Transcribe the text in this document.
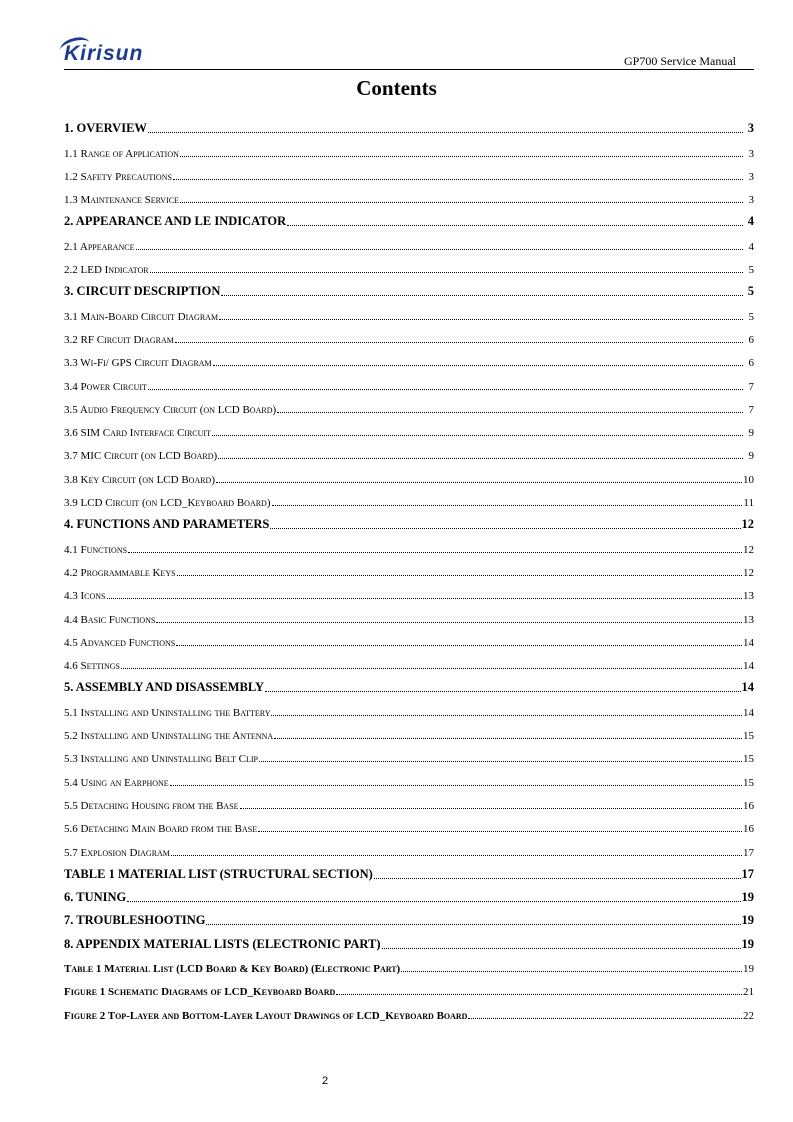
Kirisun	GP700 Service Manual
Contents
1. OVERVIEW	3
1.1 Range of Application	3
1.2 Safety Precautions	3
1.3 Maintenance Service	3
2. APPEARANCE AND LE INDICATOR	4
2.1 Appearance	4
2.2 LED Indicator	5
3. CIRCUIT DESCRIPTION	5
3.1 Main-Board Circuit Diagram	5
3.2 RF Circuit Diagram	6
3.3 Wi-Fi/ GPS Circuit Diagram	6
3.4 Power Circuit	7
3.5 Audio Frequency Circuit (on LCD Board)	7
3.6 SIM Card Interface Circuit	9
3.7 MIC Circuit (on LCD Board)	9
3.8 Key Circuit (on LCD Board)	10
3.9 LCD Circuit (on LCD_Keyboard Board)	11
4. FUNCTIONS AND PARAMETERS	12
4.1 Functions	12
4.2 Programmable Keys	12
4.3 Icons	13
4.4 Basic Functions	13
4.5 Advanced Functions	14
4.6 Settings	14
5. ASSEMBLY AND DISASSEMBLY	14
5.1 Installing and Uninstalling the Battery	14
5.2 Installing and Uninstalling the Antenna	15
5.3 Installing and Uninstalling Belt Clip	15
5.4 Using an Earphone	15
5.5 Detaching Housing from the Base	16
5.6 Detaching Main Board from the Base	16
5.7 Explosion Diagram	17
TABLE 1 MATERIAL LIST (STRUCTURAL SECTION)	17
6. TUNING	19
7. TROUBLESHOOTING	19
8. APPENDIX MATERIAL LISTS (ELECTRONIC PART)	19
Table 1 Material List (LCD Board & Key Board) (Electronic Part)	19
Figure 1 Schematic Diagrams of LCD_Keyboard Board	21
Figure 2 Top-Layer and Bottom-Layer Layout Drawings of LCD_Keyboard Board	22
2
